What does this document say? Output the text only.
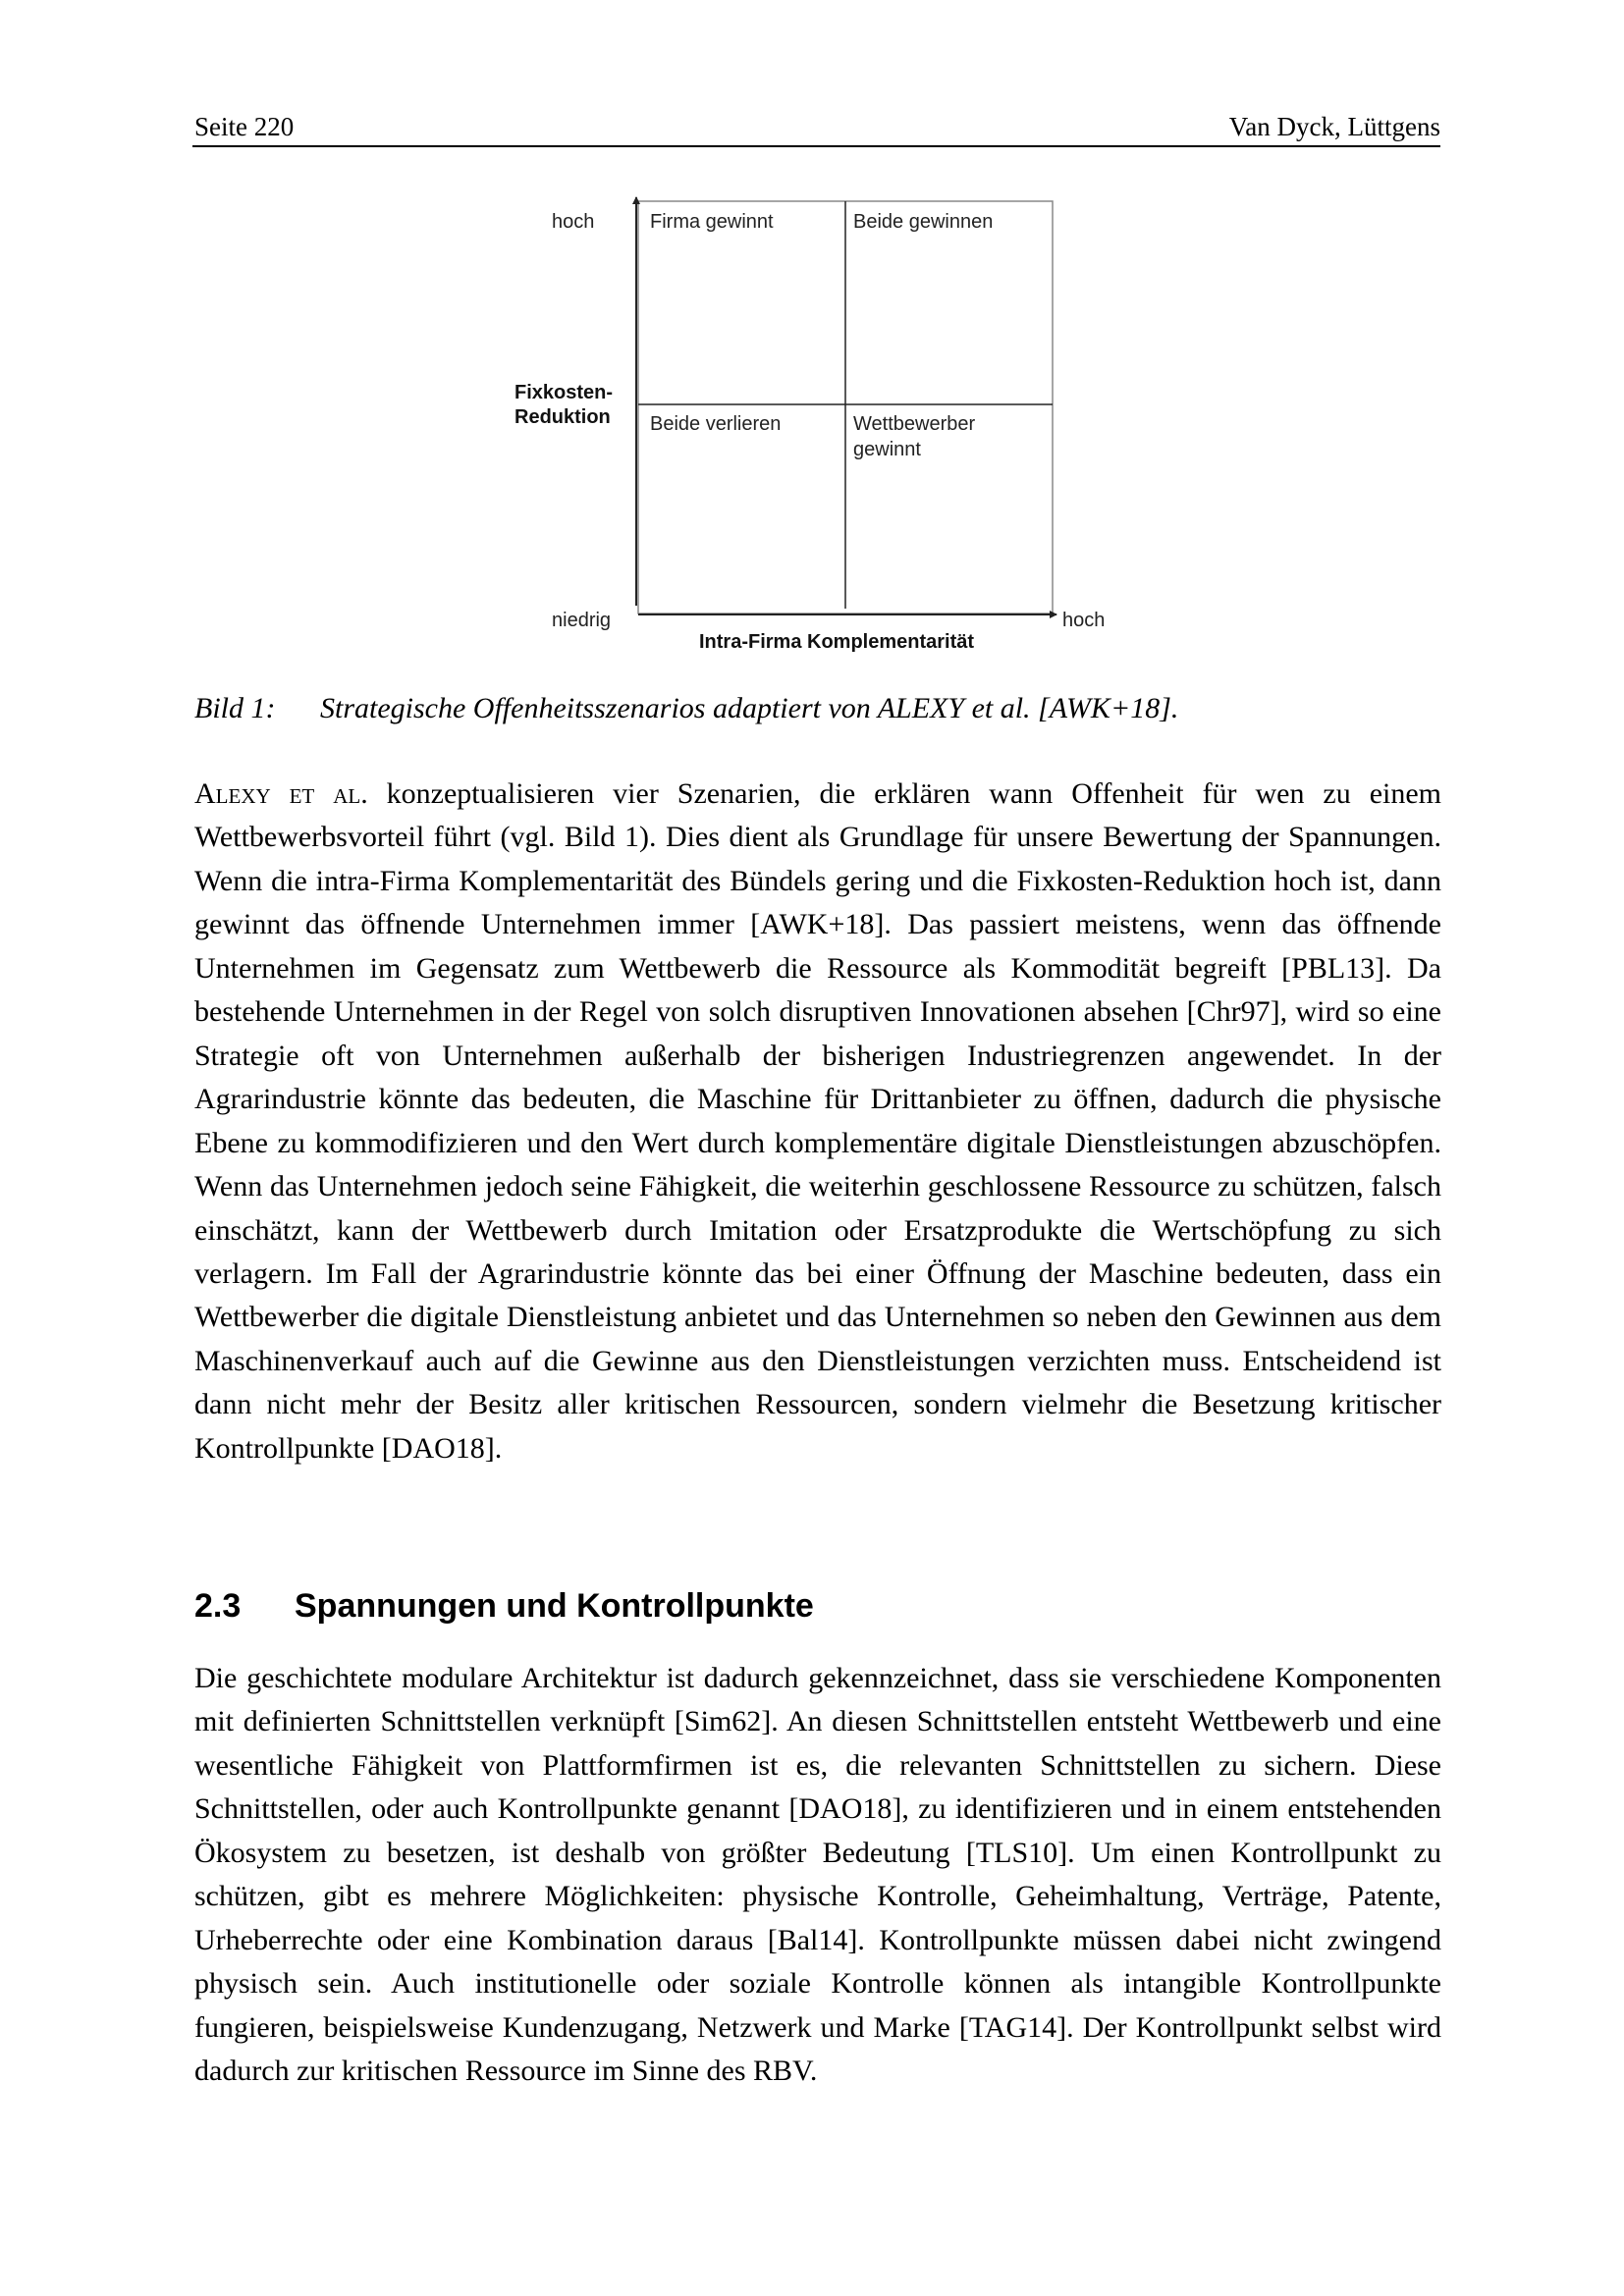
Seite 220	Van Dyck, Lüttgens
hoch
Fixkosten-
Reduktion
niedrig	hoch
Intra-Firma Komplementarität
Firma gewinnt	Beide gewinnen
Beide verlieren	Wettbewerber
gewinnt
Bild 1: Strategische Offenheitsszenarios adaptiert von ALEXY et al. [AWK+18].
Alexy et al. konzeptualisieren vier Szenarien, die erklären wann Offenheit für wen zu einem Wettbewerbsvorteil führt (vgl. Bild 1). Dies dient als Grundlage für unsere Bewertung der Spannungen. Wenn die intra-Firma Komplementarität des Bündels gering und die Fixkosten-Reduktion hoch ist, dann gewinnt das öffnende Unternehmen immer [AWK+18]. Das passiert meistens, wenn das öffnende Unternehmen im Gegensatz zum Wettbewerb die Ressource als Kommodität begreift [PBL13]. Da bestehende Unternehmen in der Regel von solch disruptiven Innovationen absehen [Chr97], wird so eine Strategie oft von Unternehmen außerhalb der bisherigen Industriegrenzen angewendet. In der Agrarindustrie könnte das bedeuten, die Maschine für Drittanbieter zu öffnen, dadurch die physische Ebene zu kommodifizieren und den Wert durch komplementäre digitale Dienstleistungen abzuschöpfen. Wenn das Unternehmen jedoch seine Fähigkeit, die weiterhin geschlossene Ressource zu schützen, falsch einschätzt, kann der Wettbewerb durch Imitation oder Ersatzprodukte die Wertschöpfung zu sich verlagern. Im Fall der Agrarindustrie könnte das bei einer Öffnung der Maschine bedeuten, dass ein Wettbewerber die digitale Dienstleistung anbietet und das Unternehmen so neben den Gewinnen aus dem Maschinenverkauf auch auf die Gewinne aus den Dienstleistungen verzichten muss. Entscheidend ist dann nicht mehr der Besitz aller kritischen Ressourcen, sondern vielmehr die Besetzung kritischer Kontrollpunkte [DAO18].
2.3 Spannungen und Kontrollpunkte
Die geschichtete modulare Architektur ist dadurch gekennzeichnet, dass sie verschiedene Komponenten mit definierten Schnittstellen verknüpft [Sim62]. An diesen Schnittstellen entsteht Wettbewerb und eine wesentliche Fähigkeit von Plattformfirmen ist es, die relevanten Schnittstellen zu sichern. Diese Schnittstellen, oder auch Kontrollpunkte genannt [DAO18], zu identifizieren und in einem entstehenden Ökosystem zu besetzen, ist deshalb von größter Bedeutung [TLS10]. Um einen Kontrollpunkt zu schützen, gibt es mehrere Möglichkeiten: physische Kontrolle, Geheimhaltung, Verträge, Patente, Urheberrechte oder eine Kombination daraus [Bal14]. Kontrollpunkte müssen dabei nicht zwingend physisch sein. Auch institutionelle oder soziale Kontrolle können als intangible Kontrollpunkte fungieren, beispielsweise Kundenzugang, Netzwerk und Marke [TAG14]. Der Kontrollpunkt selbst wird dadurch zur kritischen Ressource im Sinne des RBV.
